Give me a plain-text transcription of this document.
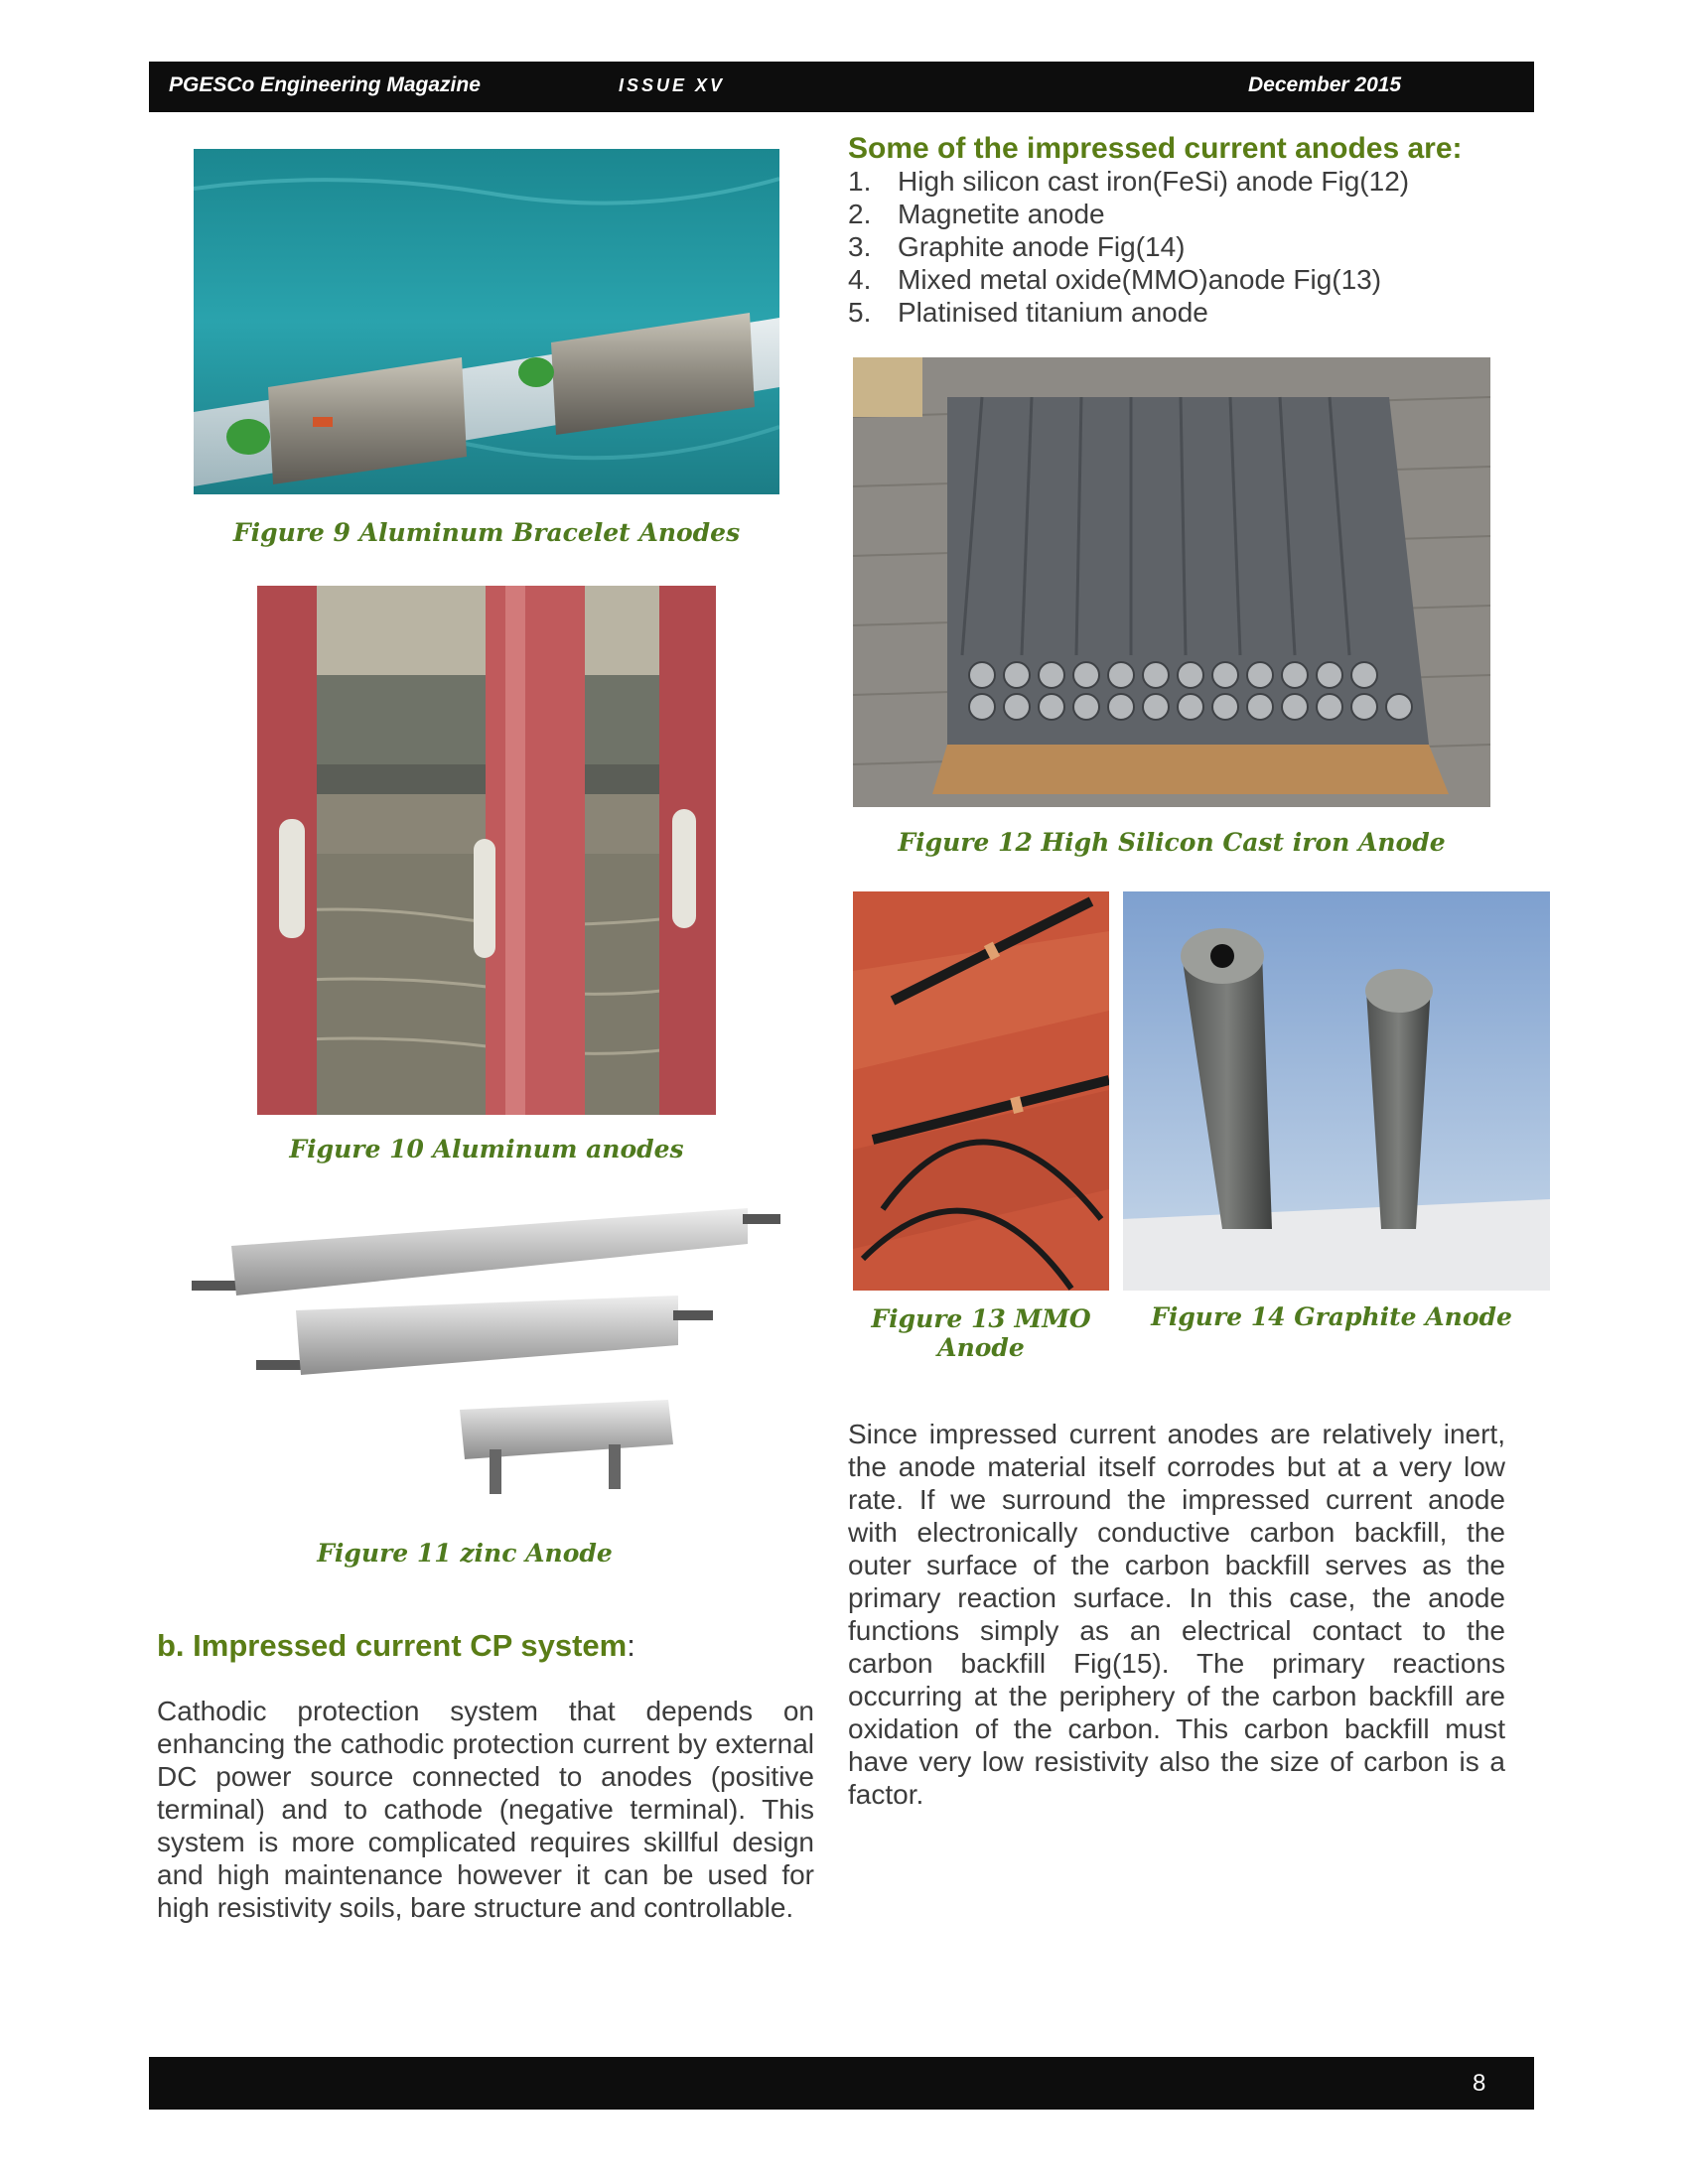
PGESCo Engineering Magazine	ISSUE XV	December 2015
Figure 9 Aluminum Bracelet Anodes
Figure 10 Aluminum anodes
Figure 11 zinc Anode
b. Impressed current CP system:
Cathodic protection system that depends on enhancing the cathodic protection current by external DC power source connected to anodes (positive terminal) and to cathode (negative terminal). This system is more complicated requires skillful design and high maintenance however it can be used for high resistivity soils, bare structure and controllable.
Some of the impressed current anodes are:
1. High silicon cast iron(FeSi) anode Fig(12)
2. Magnetite anode
3. Graphite anode Fig(14)
4. Mixed metal oxide(MMO)anode Fig(13)
5. Platinised titanium anode
Figure 12 High Silicon Cast iron Anode
Figure 13 MMO
Anode
Figure 14 Graphite Anode
Since impressed current anodes are relatively inert, the anode material itself corrodes but at a very low rate. If we surround the impressed current anode with electronically conductive carbon backfill, the outer surface of the carbon backfill serves as the primary reaction surface. In this case, the anode functions simply as an electrical contact to the carbon backfill Fig(15). The primary reactions occurring at the periphery of the carbon backfill are oxidation of the carbon. This carbon backfill must have very low resistivity also the size of carbon is a factor.
8
